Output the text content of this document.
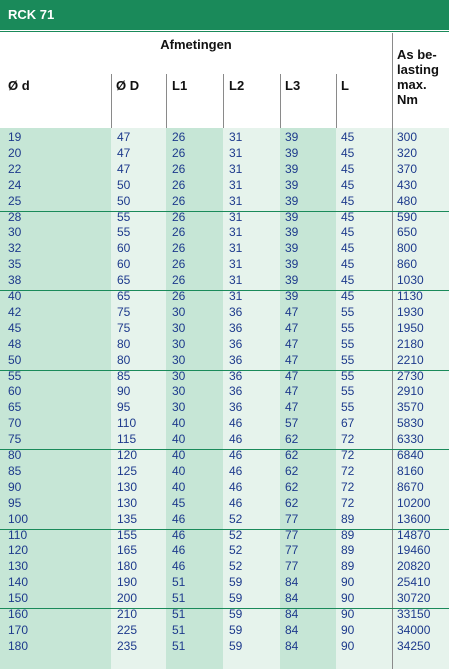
RCK 71
Afmetingen
Ø d	Ø D	L1	L2	L3	L
As be-
lasting
max.
Nm
19	47	26	31	39	45	300
20	47	26	31	39	45	320
22	47	26	31	39	45	370
24	50	26	31	39	45	430
25	50	26	31	39	45	480
28	55	26	31	39	45	590
30	55	26	31	39	45	650
32	60	26	31	39	45	800
35	60	26	31	39	45	860
38	65	26	31	39	45	1030
40	65	26	31	39	45	1130
42	75	30	36	47	55	1930
45	75	30	36	47	55	1950
48	80	30	36	47	55	2180
50	80	30	36	47	55	2210
55	85	30	36	47	55	2730
60	90	30	36	47	55	2910
65	95	30	36	47	55	3570
70	110	40	46	57	67	5830
75	115	40	46	62	72	6330
80	120	40	46	62	72	6840
85	125	40	46	62	72	8160
90	130	40	46	62	72	8670
95	130	45	46	62	72	10200
100	135	46	52	77	89	13600
110	155	46	52	77	89	14870
120	165	46	52	77	89	19460
130	180	46	52	77	89	20820
140	190	51	59	84	90	25410
150	200	51	59	84	90	30720
160	210	51	59	84	90	33150
170	225	51	59	84	90	34000
180	235	51	59	84	90	34250
